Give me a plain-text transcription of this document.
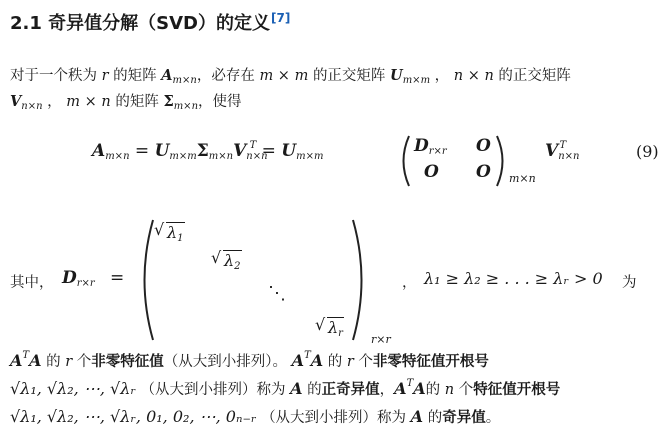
2.1 奇异值分解（SVD）的定义[7]
对于一个秩为 r 的矩阵 $A_{m\times n}$，必存在 m × m 的正交矩阵 $U_{m\times m}$ ， n × n 的正交矩阵
$V_{n\times n}$ ， m × n 的矩阵 $\Sigma_{m\times n}$，使得
$A_{m\times n} = U_{m\times m}\Sigma_{m\times n}V_{n\times n}^T = U_{m\times m}$
$D_{r\times r}$ O
O O m×n
$V_{n\times n}^T$	(9)
其中， $D_{r\times r}$ =
√ $\lambda_1$
√ $\lambda_2$
⋱
√ $\lambda_r$	r×r
， λ₁ ≥ λ₂ ≥ . . . ≥ λᵣ > 0 为
$A^TA$ 的 r 个非零特征值（从大到小排列）。 $A^TA$ 的 r 个非零特征值开根号
√λ₁, √λ₂, ⋯, √λᵣ （从大到小排列）称为 A 的正奇异值，$A^TA$的 n 个特征值开根号
√λ₁, √λ₂, ⋯, √λᵣ, 0₁, 0₂, ⋯, 0ₙ₋ᵣ （从大到小排列）称为 A 的奇异值。
